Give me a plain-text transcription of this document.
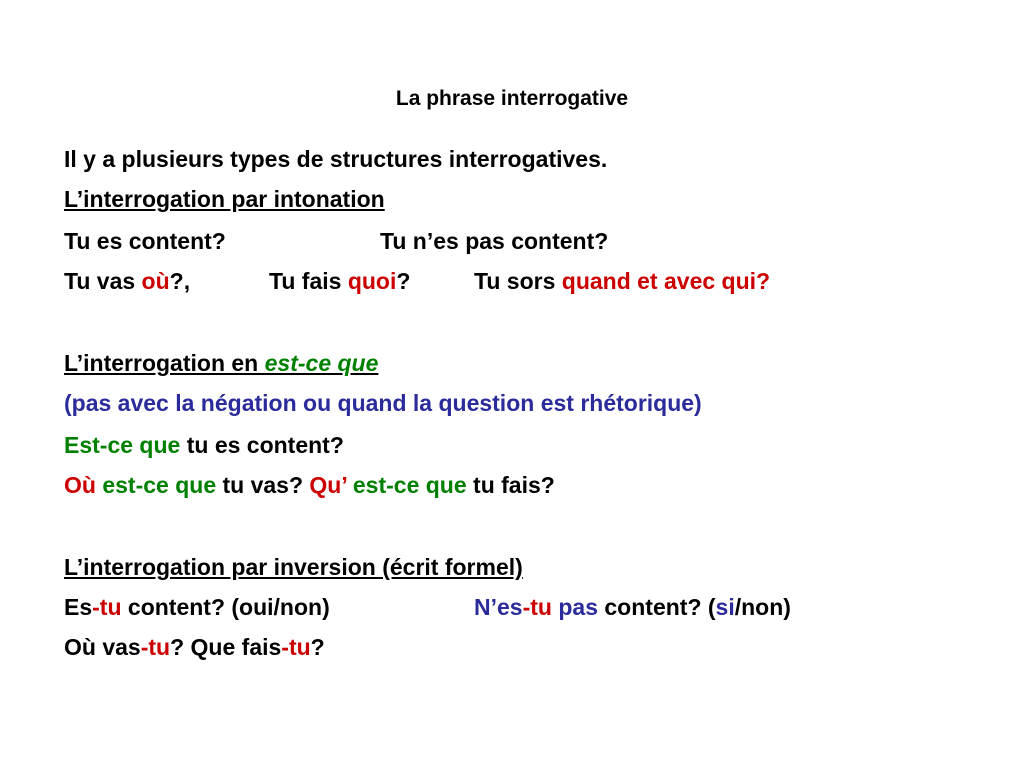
La phrase interrogative
Il y a plusieurs types de structures interrogatives.
L’interrogation par intonation
Tu es content?	Tu n’es pas content?
Tu vas où?,	Tu fais quoi?	Tu sors quand et avec qui?
L’interrogation en est-ce que
(pas avec la négation ou quand la question est rhétorique)
Est-ce que tu es content?
Où est-ce que tu vas? Qu’ est-ce que tu fais?
L’interrogation par inversion (écrit formel)
Es-tu content? (oui/non)	N’es-tu pas content? (si/non)
Où vas-tu? Que fais-tu?
